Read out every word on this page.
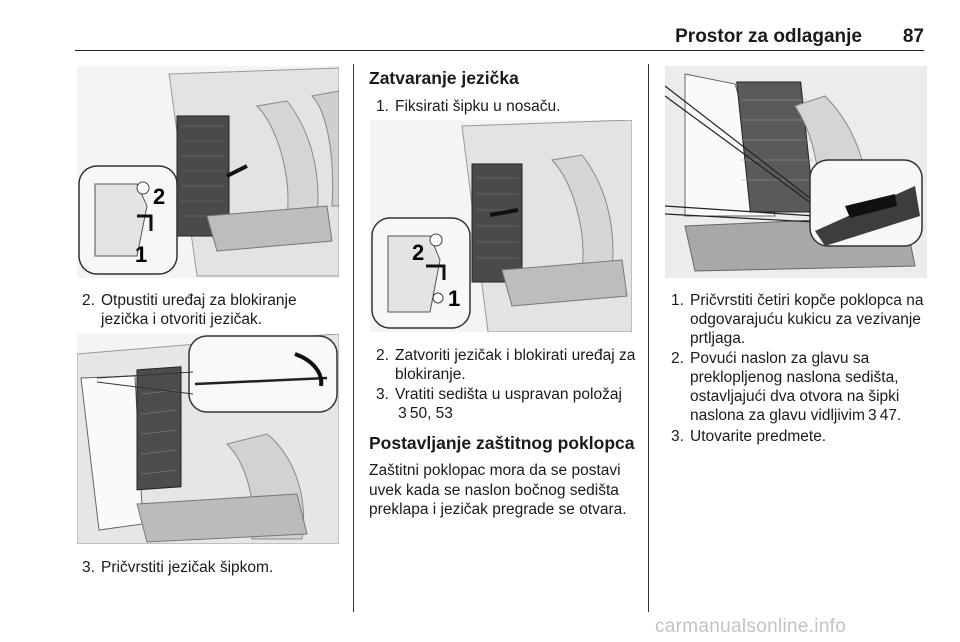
Prostor za odlaganje 87
2
1
2. Otpustiti uređaj za blokiranje jezička i otvoriti jezičak.
3. Pričvrstiti jezičak šipkom.
Zatvaranje jezička
1. Fiksirati šipku u nosaču.
2
1
2. Zatvoriti jezičak i blokirati uređaj za blokiranje.
3. Vratiti sedišta u uspravan položaj
 3 50, 53
Postavljanje zaštitnog poklopca
Zaštitni poklopac mora da se postavi uvek kada se naslon bočnog sedišta preklapa i jezičak pregrade se otvara.
1. Pričvrstiti četiri kopče poklopca na odgovarajuću kukicu za vezivanje prtljaga.
2. Povući naslon za glavu sa preklopljenog naslona sedišta, ostavljajući dva otvora na šipki naslona za glavu vidljivim 3  47.
3. Utovarite predmete.
carmanualsonline.info
